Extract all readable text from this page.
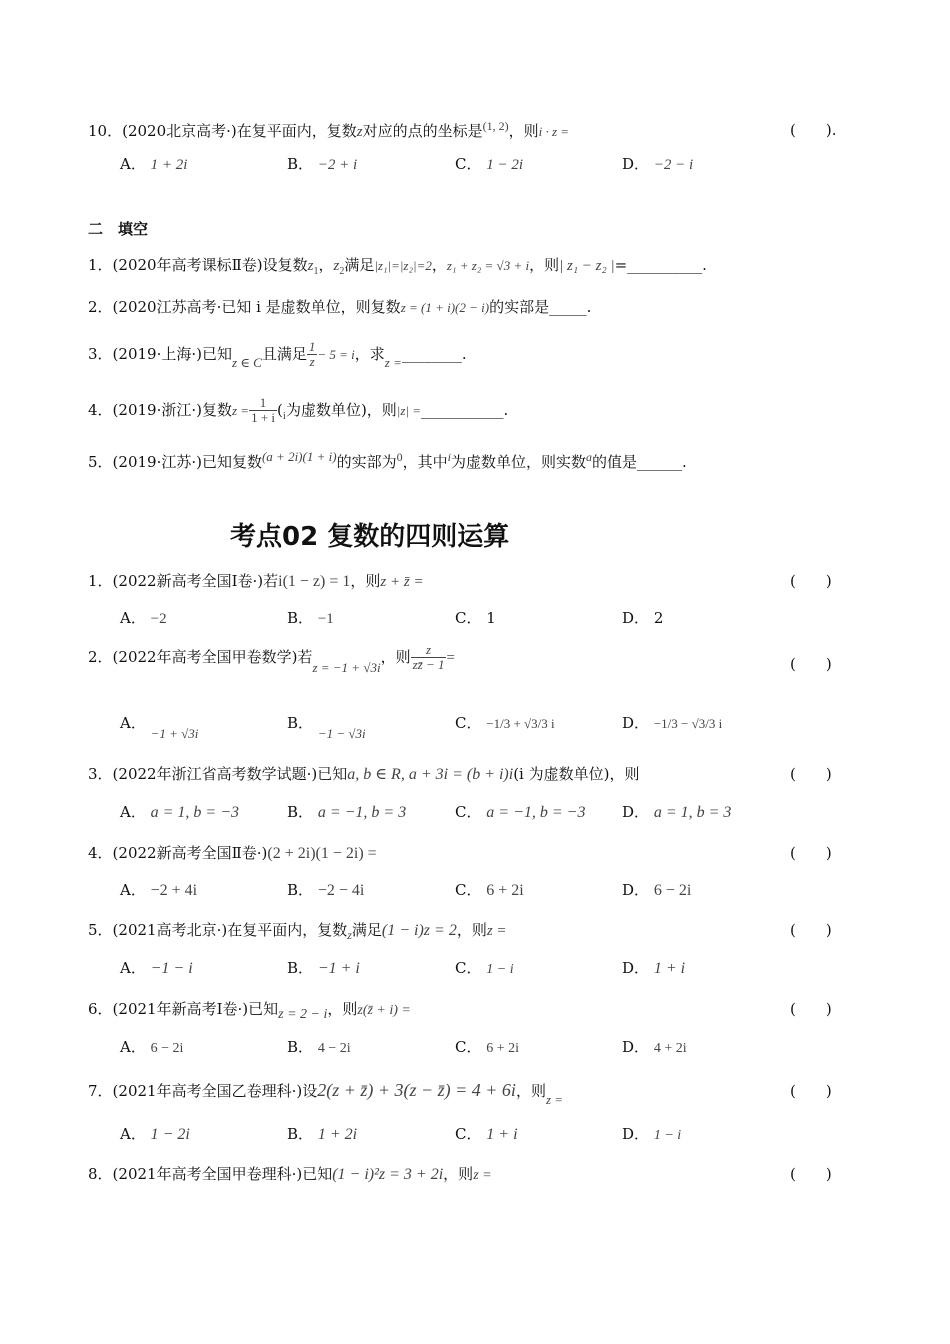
10．(2020北京高考·)在复平面内，复数z对应的点的坐标是$^{(1, 2)}$，则i · z =	(　　).
A． 1 + 2i	B． −2 + i	C． 1 − 2i	D． −2 − i
二　填空
1．(2020年高考课标Ⅱ卷)设复数$z_1$，$z_2$满足|z₁|=|z₂|=2，z₁ + z₂ = √3 + i，则| z₁ − z₂ |=__________.
2．(2020江苏高考·已知 i 是虚数单位，则复数z = (1 + i)(2 − i)的实部是_____.
3．(2019·上海·)已知z ∈ C且满足 $\frac{1}{z} - 5 = i$，求z =________.
4．(2019·浙江·)复数$z = \frac{1}{1 + i} (_i$为虚数单位)，则|z| =___________.
5．(2019·江苏·)已知复数$^{(a + 2i)(1 + i)}$的实部为$^0$，其中$^i$为虚数单位，则实数$^a$的值是______.
考点02 复数的四则运算
1．(2022新高考全国Ⅰ卷·)若i(1 − z) = 1，则z + z̄ =	(　　)
A． −2	B． −1	C． 1	D． 2
2．(2022年高考全国甲卷数学)若z = −1 + √3i，则 $\frac{z}{zz̄ - 1}$ =	(　　)
A． −1 + √3i
B． −1 − √3i
C． −1/3 + √3/3 i	D． −1/3 − √3/3 i
3．(2022年浙江省高考数学试题·)已知a, b ∈ R, a + 3i = (b + i)i(i 为虚数单位)，则	(　　)
A． a = 1, b = −3	B． a = −1, b = 3	C． a = −1, b = −3 D． a = 1, b = 3
4．(2022新高考全国Ⅱ卷·)(2 + 2i)(1 − 2i) =	(　　)
A． −2 + 4i	B． −2 − 4i	C． 6 + 2i	D． 6 − 2i
5．(2021高考北京·)在复平面内，复数$_z$满足(1 − i)z = 2，则z =	(　　)
A． −1 − i	B． −1 + i	C． 1 − i	D． 1 + i
6．(2021年新高考Ⅰ卷·)已知z = 2 − i，则z(z̄ + i) =	(　　)
A． 6 − 2i	B． 4 − 2i	C． 6 + 2i	D． 4 + 2i
7．(2021年高考全国乙卷理科·)设2(z + z̄) + 3(z − z̄) = 4 + 6i，则z =	(　　)
A． 1 − 2i	B． 1 + 2i	C． 1 + i	D． 1 − i
8．(2021年高考全国甲卷理科·)已知(1 − i)²z = 3 + 2i，则z =	(　　)
